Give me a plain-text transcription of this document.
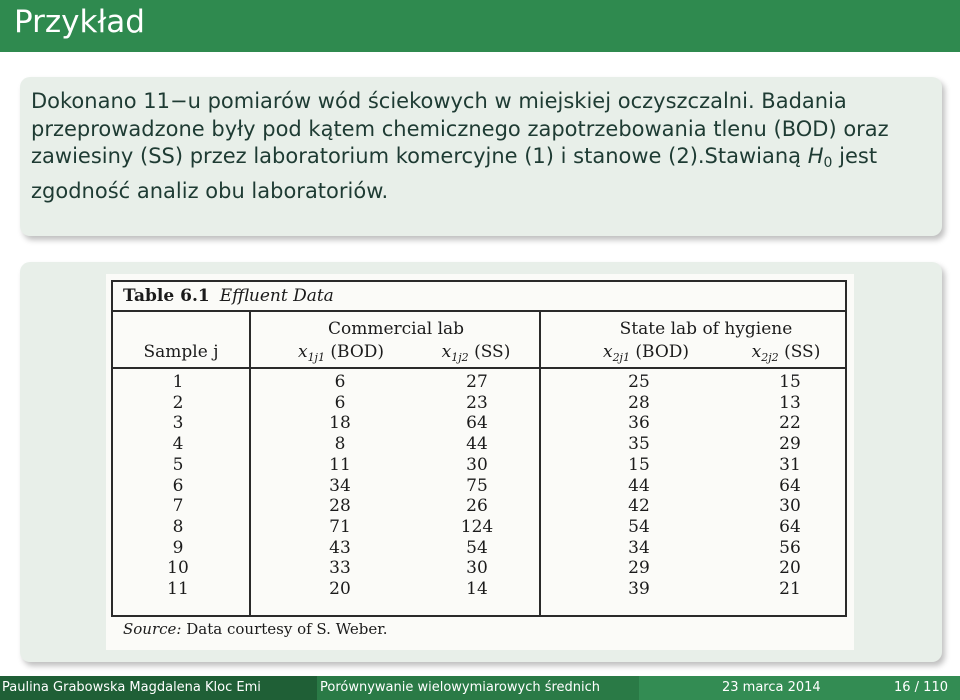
Przykład
Dokonano 11−u pomiarów wód ściekowych w miejskiej oczyszczalni. Badania przeprowadzone były pod kątem chemicznego zapotrzebowania tlenu (BOD) oraz zawiesiny (SS) przez laboratorium komercyjne (1) i stanowe (2).Stawianą $H_0$ jest zgodność analiz obu laboratoriów.
Table 6.1 Effluent Data
Commercial lab	State lab of hygiene
Sample j	$x_{1j1}$ (BOD)	$x_{1j2}$ (SS)	$x_{2j1}$ (BOD)	$x_{2j2}$ (SS)
1	6	27	25	15
2	6	23	28	13
3	18	64	36	22
4	8	44	35	29
5	11	30	15	31
6	34	75	44	64
7	28	26	42	30
8	71	124	54	64
9	43	54	34	56
10	33	30	29	20
11	20	14	39	21
Source: Data courtesy of S. Weber.
Paulina Grabowska Magdalena Kloc Emi	Porównywanie wielowymiarowych średnich	23 marca 2014	16 / 110
